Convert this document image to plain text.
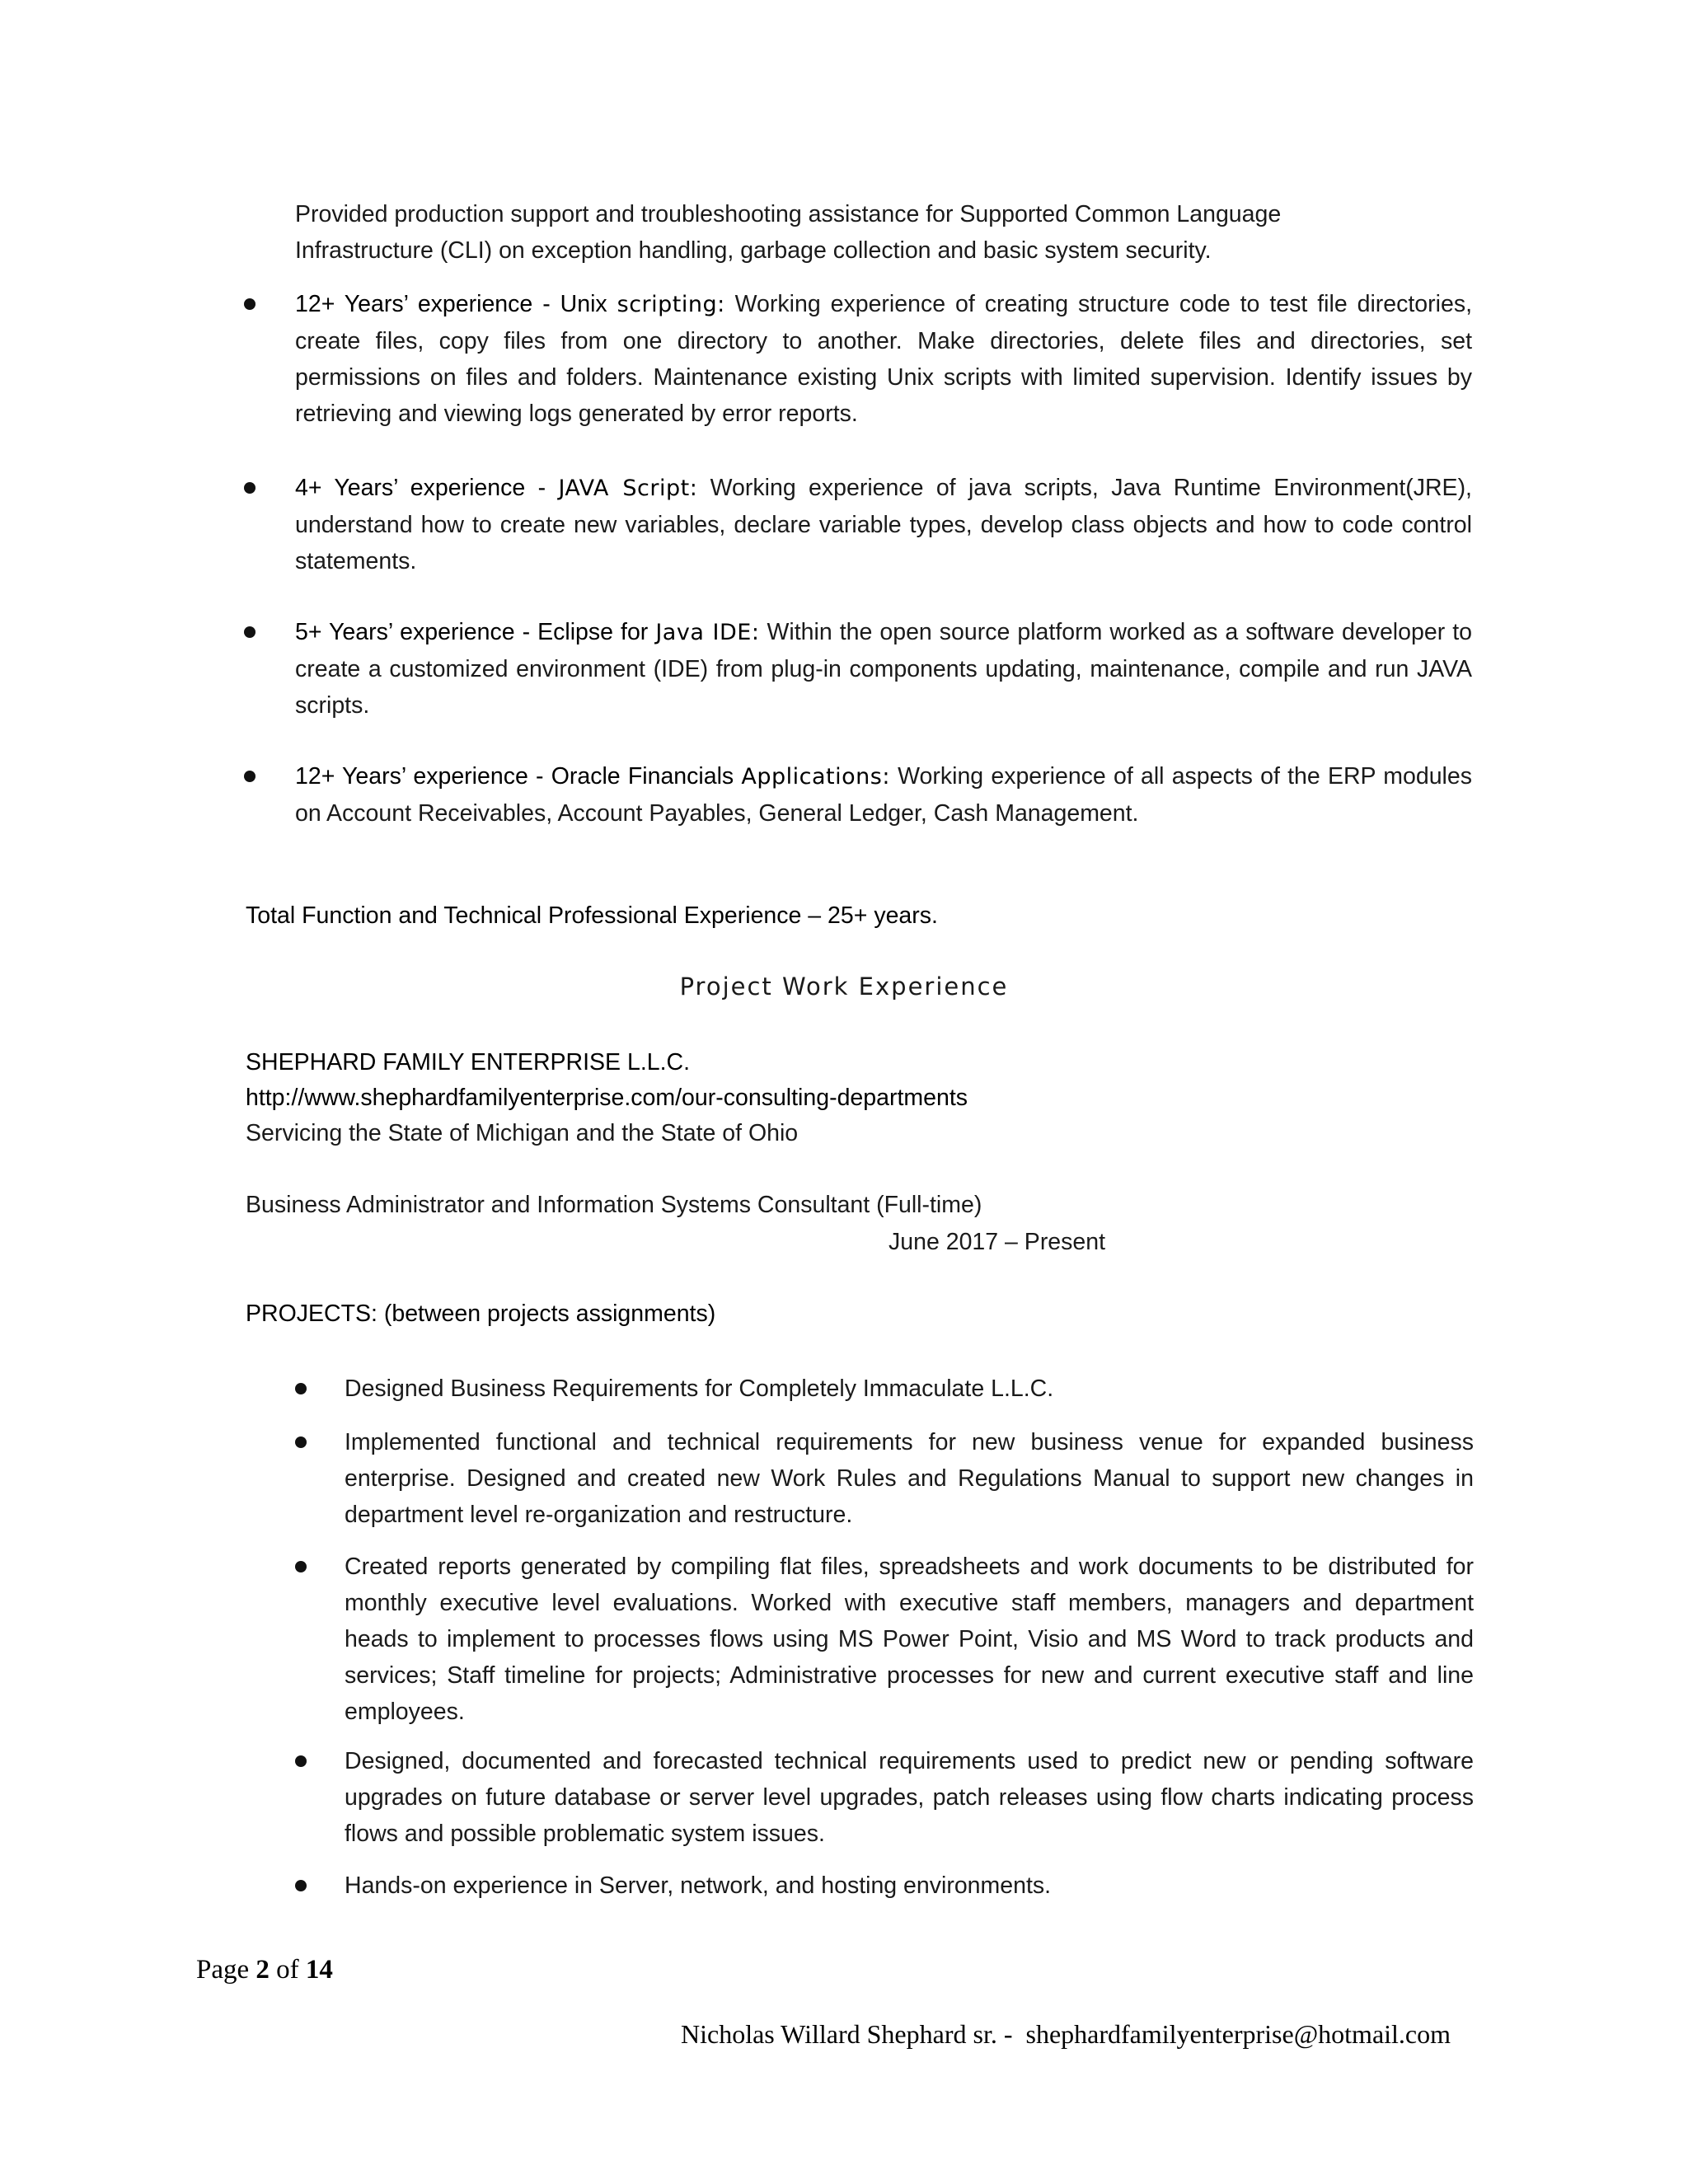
Provided production support and troubleshooting assistance for Supported Common Language
Infrastructure (CLI) on exception handling, garbage collection and basic system security.
12+ Years’ experience - Unix scripting: Working experience of creating structure code to test file directories, create files, copy files from one directory to another. Make directories, delete files and directories, set permissions on files and folders. Maintenance existing Unix scripts with limited supervision. Identify issues by retrieving and viewing logs generated by error reports.
4+ Years’ experience - JAVA Script: Working experience of java scripts, Java Runtime Environment(JRE), understand how to create new variables, declare variable types, develop class objects and how to code control statements.
5+ Years’ experience - Eclipse for Java IDE: Within the open source platform worked as a software developer to create a customized environment (IDE) from plug-in components updating, maintenance, compile and run JAVA scripts.
12+ Years’ experience - Oracle Financials Applications: Working experience of all aspects of the ERP modules on Account Receivables, Account Payables, General Ledger, Cash Management.
Total Function and Technical Professional Experience – 25+ years.
Project Work Experience
SHEPHARD FAMILY ENTERPRISE L.L.C.
http://www.shephardfamilyenterprise.com/our-consulting-departments
Servicing the State of Michigan and the State of Ohio
Business Administrator and Information Systems Consultant (Full-time)
June 2017 – Present
PROJECTS: (between projects assignments)
Designed Business Requirements for Completely Immaculate L.L.C.
Implemented functional and technical requirements for new business venue for expanded business enterprise. Designed and created new Work Rules and Regulations Manual to support new changes in department level re-organization and restructure.
Created reports generated by compiling flat files, spreadsheets and work documents to be distributed for monthly executive level evaluations. Worked with executive staff members, managers and department heads to implement to processes flows using MS Power Point, Visio and MS Word to track products and services; Staff timeline for projects; Administrative processes for new and current executive staff and line employees.
Designed, documented and forecasted technical requirements used to predict new or pending software upgrades on future database or server level upgrades, patch releases using flow charts indicating process flows and possible problematic system issues.
Hands-on experience in Server, network, and hosting environments.
Page 2 of 14
Nicholas Willard Shephard sr. -  shephardfamilyenterprise@hotmail.com
